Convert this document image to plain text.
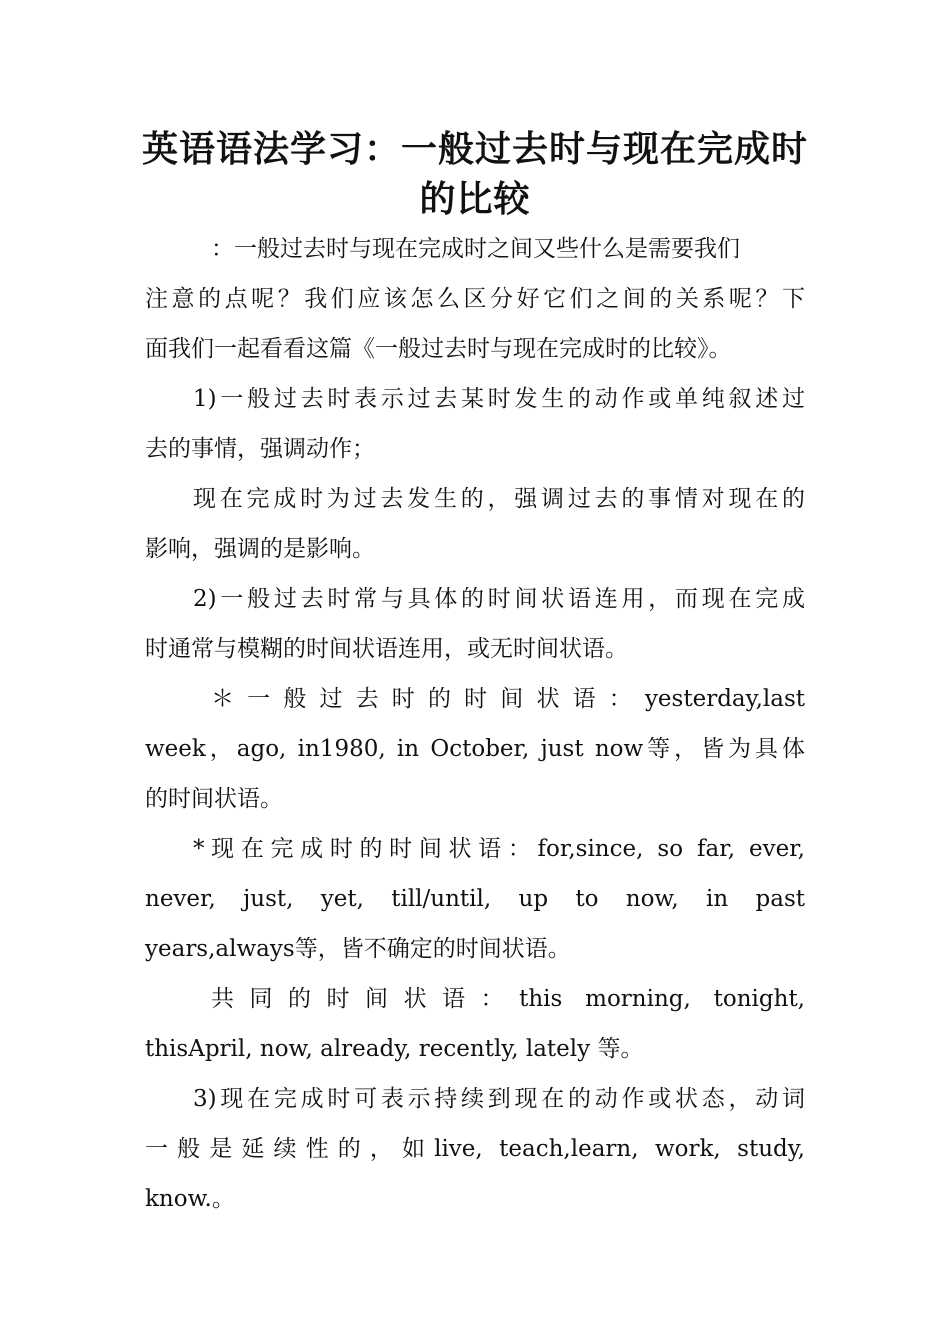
英语语法学习：一般过去时与现在完成时
的比较
：一般过去时与现在完成时之间又些什么是需要我们
注意的点呢？我们应该怎么区分好它们之间的关系呢？下
面我们一起看看这篇《一般过去时与现在完成时的比较》。
1)一般过去时表示过去某时发生的动作或单纯叙述过
去的事情，强调动作；
现在完成时为过去发生的，强调过去的事情对现在的
影响，强调的是影响。
2)一般过去时常与具体的时间状语连用，而现在完成
时通常与模糊的时间状语连用，或无时间状语。
＊一般过去时的时间状语：yesterday,last
week，ago, in1980, in October, just now等，皆为具体
的时间状语。
*现在完成时的时间状语：for,since, so far, ever,
never, just, yet, till/until, up to now, in past
years,always等，皆不确定的时间状语。
共同的时间状语：this morning, tonight,
thisApril, now, already, recently, lately 等。
3)现在完成时可表示持续到现在的动作或状态，动词
一般是延续性的，如live, teach,learn, work, study,
know.。
